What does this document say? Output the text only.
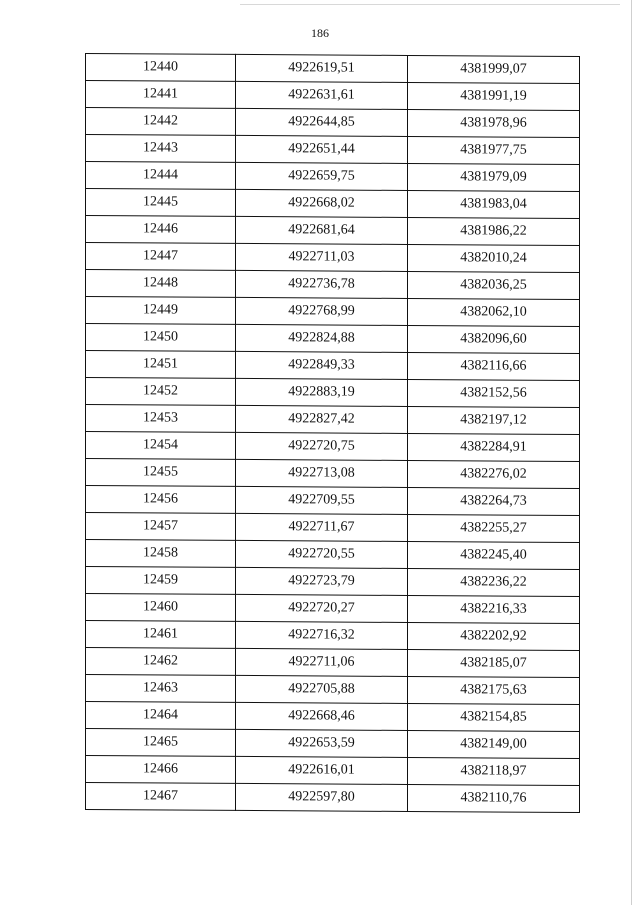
186
12440	4922619,51	4381999,07
12441	4922631,61	4381991,19
12442	4922644,85	4381978,96
12443	4922651,44	4381977,75
12444	4922659,75	4381979,09
12445	4922668,02	4381983,04
12446	4922681,64	4381986,22
12447	4922711,03	4382010,24
12448	4922736,78	4382036,25
12449	4922768,99	4382062,10
12450	4922824,88	4382096,60
12451	4922849,33	4382116,66
12452	4922883,19	4382152,56
12453	4922827,42	4382197,12
12454	4922720,75	4382284,91
12455	4922713,08	4382276,02
12456	4922709,55	4382264,73
12457	4922711,67	4382255,27
12458	4922720,55	4382245,40
12459	4922723,79	4382236,22
12460	4922720,27	4382216,33
12461	4922716,32	4382202,92
12462	4922711,06	4382185,07
12463	4922705,88	4382175,63
12464	4922668,46	4382154,85
12465	4922653,59	4382149,00
12466	4922616,01	4382118,97
12467	4922597,80	4382110,76
